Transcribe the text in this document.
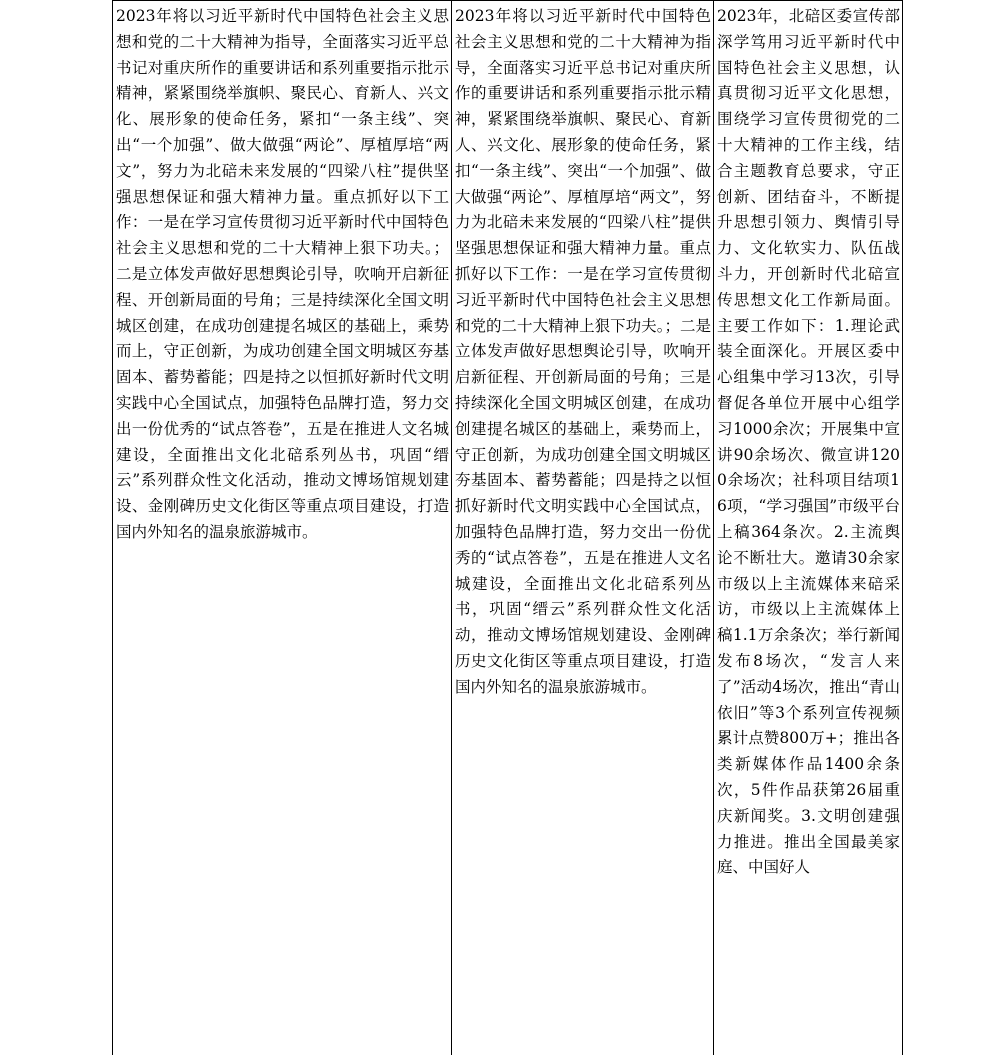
2023年将以习近平新时代中国特色社会主义思想和党的二十大精神为指导，全面落实习近平总书记对重庆所作的重要讲话和系列重要指示批示精神，紧紧围绕举旗帜、聚民心、育新人、兴文化、展形象的使命任务，紧扣“一条主线”、突出“一个加强”、做大做强“两论”、厚植厚培“两文”，努力为北碚未来发展的“四梁八柱”提供坚强思想保证和强大精神力量。重点抓好以下工作：一是在学习宣传贯彻习近平新时代中国特色社会主义思想和党的二十大精神上狠下功夫。；二是立体发声做好思想舆论引导，吹响开启新征程、开创新局面的号角；三是持续深化全国文明城区创建，在成功创建提名城区的基础上，乘势而上，守正创新，为成功创建全国文明城区夯基固本、蓄势蓄能；四是持之以恒抓好新时代文明实践中心全国试点，加强特色品牌打造，努力交出一份优秀的“试点答卷”，五是在推进人文名城建设，全面推出文化北碚系列丛书，巩固“缙云”系列群众性文化活动，推动文博场馆规划建设、金刚碑历史文化街区等重点项目建设，打造国内外知名的温泉旅游城市。	2023年将以习近平新时代中国特色社会主义思想和党的二十大精神为指导，全面落实习近平总书记对重庆所作的重要讲话和系列重要指示批示精神，紧紧围绕举旗帜、聚民心、育新人、兴文化、展形象的使命任务，紧扣“一条主线”、突出“一个加强”、做大做强“两论”、厚植厚培“两文”，努力为北碚未来发展的“四梁八柱”提供坚强思想保证和强大精神力量。重点抓好以下工作：一是在学习宣传贯彻习近平新时代中国特色社会主义思想和党的二十大精神上狠下功夫。；二是立体发声做好思想舆论引导，吹响开启新征程、开创新局面的号角；三是持续深化全国文明城区创建，在成功创建提名城区的基础上，乘势而上，守正创新，为成功创建全国文明城区夯基固本、蓄势蓄能；四是持之以恒抓好新时代文明实践中心全国试点，加强特色品牌打造，努力交出一份优秀的“试点答卷”，五是在推进人文名城建设，全面推出文化北碚系列丛书，巩固“缙云”系列群众性文化活动，推动文博场馆规划建设、金刚碑历史文化街区等重点项目建设，打造国内外知名的温泉旅游城市。	2023年，北碚区委宣传部深学笃用习近平新时代中国特色社会主义思想，认真贯彻习近平文化思想，围绕学习宣传贯彻党的二十大精神的工作主线，结合主题教育总要求，守正创新、团结奋斗，不断提升思想引领力、舆情引导力、文化软实力、队伍战斗力，开创新时代北碚宣传思想文化工作新局面。主要工作如下：1.理论武装全面深化。开展区委中心组集中学习13次，引导督促各单位开展中心组学习1000余次；开展集中宣讲90余场次、微宣讲1200余场次；社科项目结项16项，“学习强国”市级平台上稿364条次。2.主流舆论不断壮大。邀请30余家市级以上主流媒体来碚采访，市级以上主流媒体上稿1.1万余条次；举行新闻发布8场次，“发言人来了”活动4场次，推出“青山依旧”等3个系列宣传视频累计点赞800万+；推出各类新媒体作品1400余条次，5件作品获第26届重庆新闻奖。3.文明创建强力推进。推出全国最美家庭、中国好人
